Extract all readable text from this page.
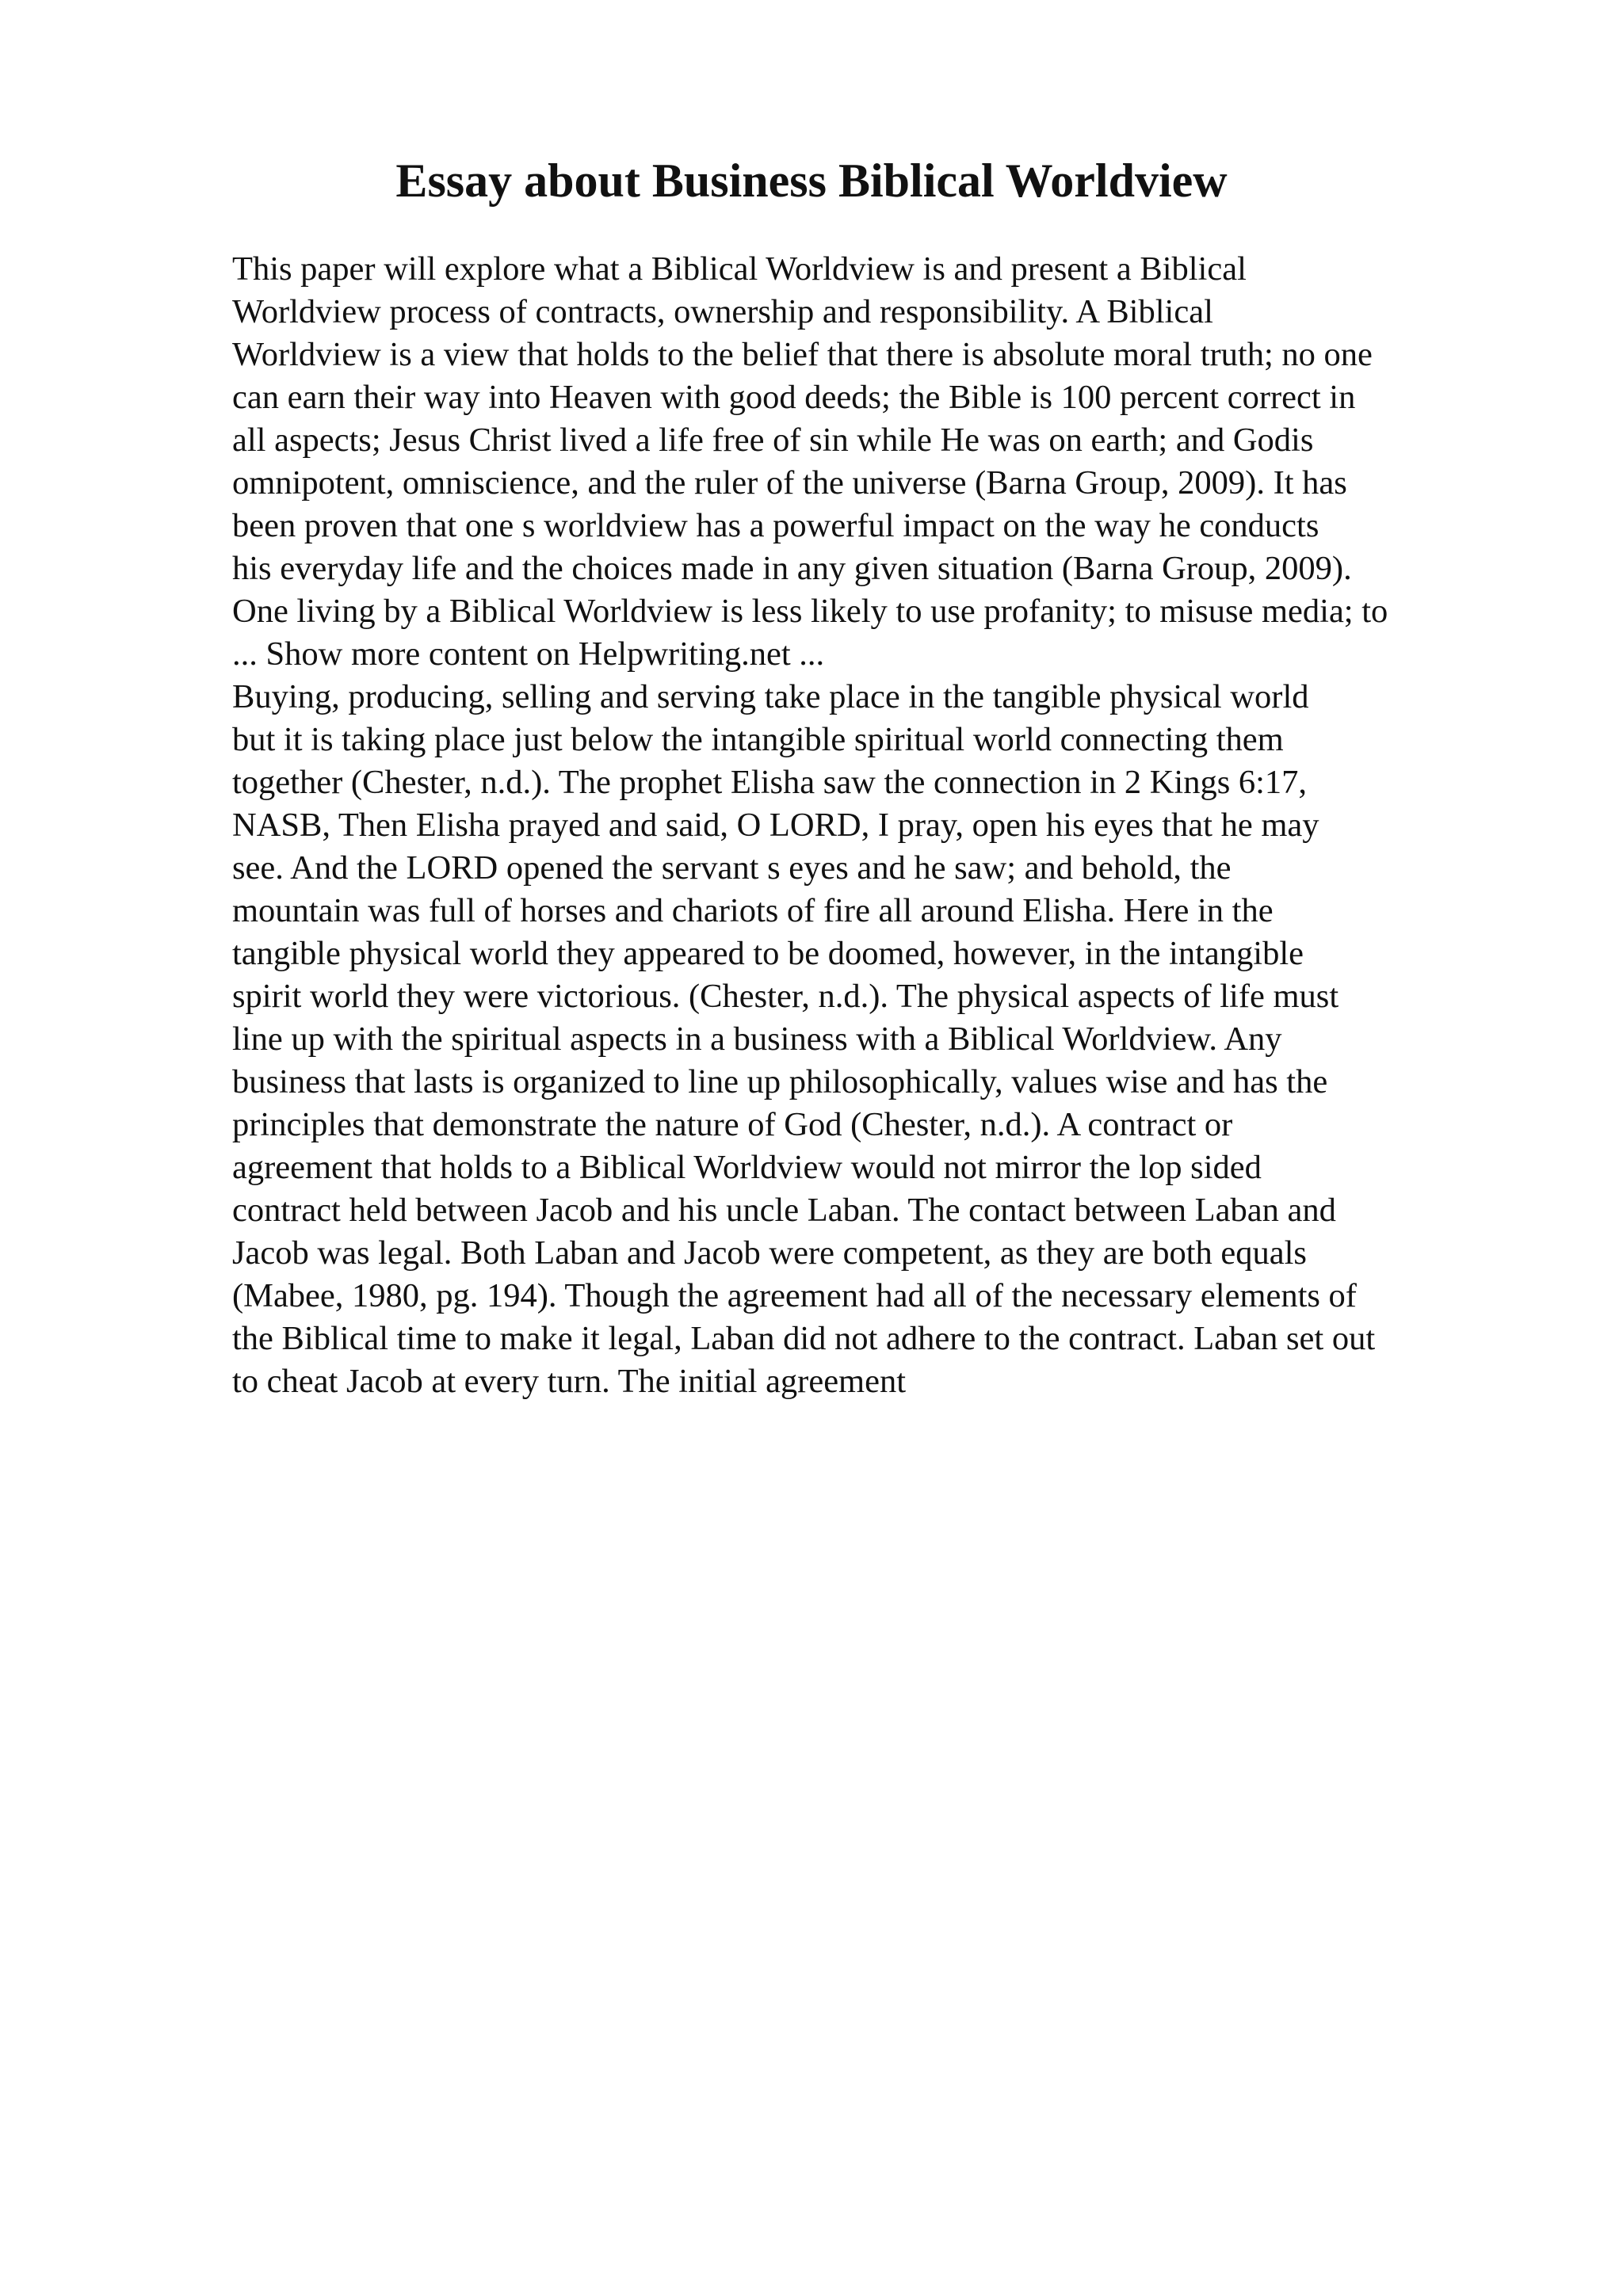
Essay about Business Biblical Worldview
This paper will explore what a Biblical Worldview is and present a Biblical
Worldview process of contracts, ownership and responsibility. A Biblical
Worldview is a view that holds to the belief that there is absolute moral truth; no one
can earn their way into Heaven with good deeds; the Bible is 100 percent correct in
all aspects; Jesus Christ lived a life free of sin while He was on earth; and Godis
omnipotent, omniscience, and the ruler of the universe (Barna Group, 2009). It has
been proven that one s worldview has a powerful impact on the way he conducts
his everyday life and the choices made in any given situation (Barna Group, 2009).
One living by a Biblical Worldview is less likely to use profanity; to misuse media; to
... Show more content on Helpwriting.net ...
Buying, producing, selling and serving take place in the tangible physical world
but it is taking place just below the intangible spiritual world connecting them
together (Chester, n.d.). The prophet Elisha saw the connection in 2 Kings 6:17,
NASB, Then Elisha prayed and said, O LORD, I pray, open his eyes that he may
see. And the LORD opened the servant s eyes and he saw; and behold, the
mountain was full of horses and chariots of fire all around Elisha. Here in the
tangible physical world they appeared to be doomed, however, in the intangible
spirit world they were victorious. (Chester, n.d.). The physical aspects of life must
line up with the spiritual aspects in a business with a Biblical Worldview. Any
business that lasts is organized to line up philosophically, values wise and has the
principles that demonstrate the nature of God (Chester, n.d.). A contract or
agreement that holds to a Biblical Worldview would not mirror the lop sided
contract held between Jacob and his uncle Laban. The contact between Laban and
Jacob was legal. Both Laban and Jacob were competent, as they are both equals
(Mabee, 1980, pg. 194). Though the agreement had all of the necessary elements of
the Biblical time to make it legal, Laban did not adhere to the contract. Laban set out
to cheat Jacob at every turn. The initial agreement
